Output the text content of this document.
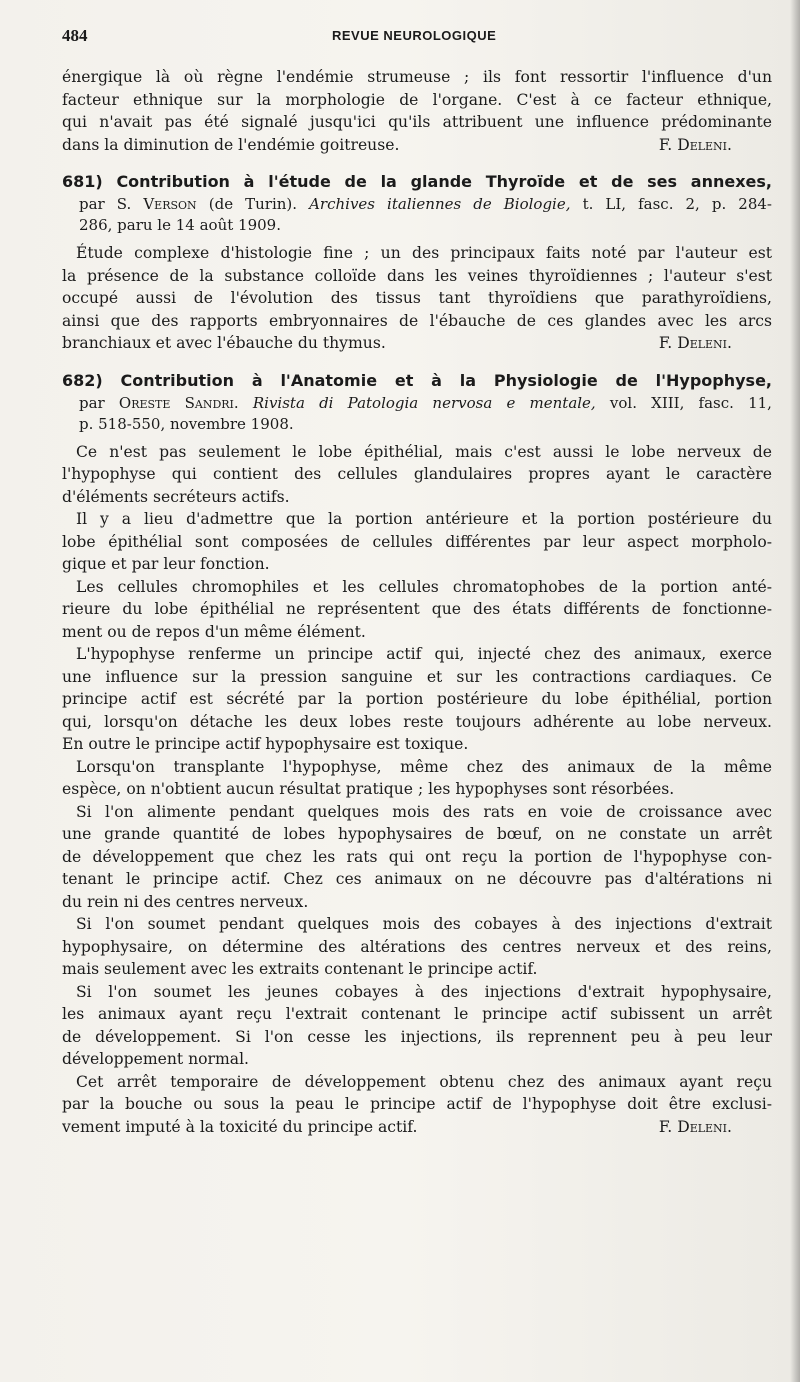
484	REVUE NEUROLOGIQUE
énergique là où règne l'endémie strumeuse ; ils font ressortir l'influence d'un
facteur ethnique sur la morphologie de l'organe. C'est à ce facteur ethnique,
qui n'avait pas été signalé jusqu'ici qu'ils attribuent une influence prédominante
dans la diminution de l'endémie goitreuse.	F. Deleni.
681) Contribution à l'étude de la glande Thyroïde et de ses annexes,
par S. Verson (de Turin). Archives italiennes de Biologie, t. LI, fasc. 2, p. 284-
286, paru le 14 août 1909.
Étude complexe d'histologie fine ; un des principaux faits noté par l'auteur est
la présence de la substance colloïde dans les veines thyroïdiennes ; l'auteur s'est
occupé aussi de l'évolution des tissus tant thyroïdiens que parathyroïdiens,
ainsi que des rapports embryonnaires de l'ébauche de ces glandes avec les arcs
branchiaux et avec l'ébauche du thymus.	F. Deleni.
682) Contribution à l'Anatomie et à la Physiologie de l'Hypophyse,
par Oreste Sandri. Rivista di Patologia nervosa e mentale, vol. XIII, fasc. 11,
p. 518-550, novembre 1908.
Ce n'est pas seulement le lobe épithélial, mais c'est aussi le lobe nerveux de
l'hypophyse qui contient des cellules glandulaires propres ayant le caractère
d'éléments secréteurs actifs.
Il y a lieu d'admettre que la portion antérieure et la portion postérieure du
lobe épithélial sont composées de cellules différentes par leur aspect morpholo-
gique et par leur fonction.
Les cellules chromophiles et les cellules chromatophobes de la portion anté-
rieure du lobe épithélial ne représentent que des états différents de fonctionne-
ment ou de repos d'un même élément.
L'hypophyse renferme un principe actif qui, injecté chez des animaux, exerce
une influence sur la pression sanguine et sur les contractions cardiaques. Ce
principe actif est sécrété par la portion postérieure du lobe épithélial, portion
qui, lorsqu'on détache les deux lobes reste toujours adhérente au lobe nerveux.
En outre le principe actif hypophysaire est toxique.
Lorsqu'on transplante l'hypophyse, même chez des animaux de la même
espèce, on n'obtient aucun résultat pratique ; les hypophyses sont résorbées.
Si l'on alimente pendant quelques mois des rats en voie de croissance avec
une grande quantité de lobes hypophysaires de bœuf, on ne constate un arrêt
de développement que chez les rats qui ont reçu la portion de l'hypophyse con-
tenant le principe actif. Chez ces animaux on ne découvre pas d'altérations ni
du rein ni des centres nerveux.
Si l'on soumet pendant quelques mois des cobayes à des injections d'extrait
hypophysaire, on détermine des altérations des centres nerveux et des reins,
mais seulement avec les extraits contenant le principe actif.
Si l'on soumet les jeunes cobayes à des injections d'extrait hypophysaire,
les animaux ayant reçu l'extrait contenant le principe actif subissent un arrêt
de développement. Si l'on cesse les injections, ils reprennent peu à peu leur
développement normal.
Cet arrêt temporaire de développement obtenu chez des animaux ayant reçu
par la bouche ou sous la peau le principe actif de l'hypophyse doit être exclusi-
vement imputé à la toxicité du principe actif.	F. Deleni.
